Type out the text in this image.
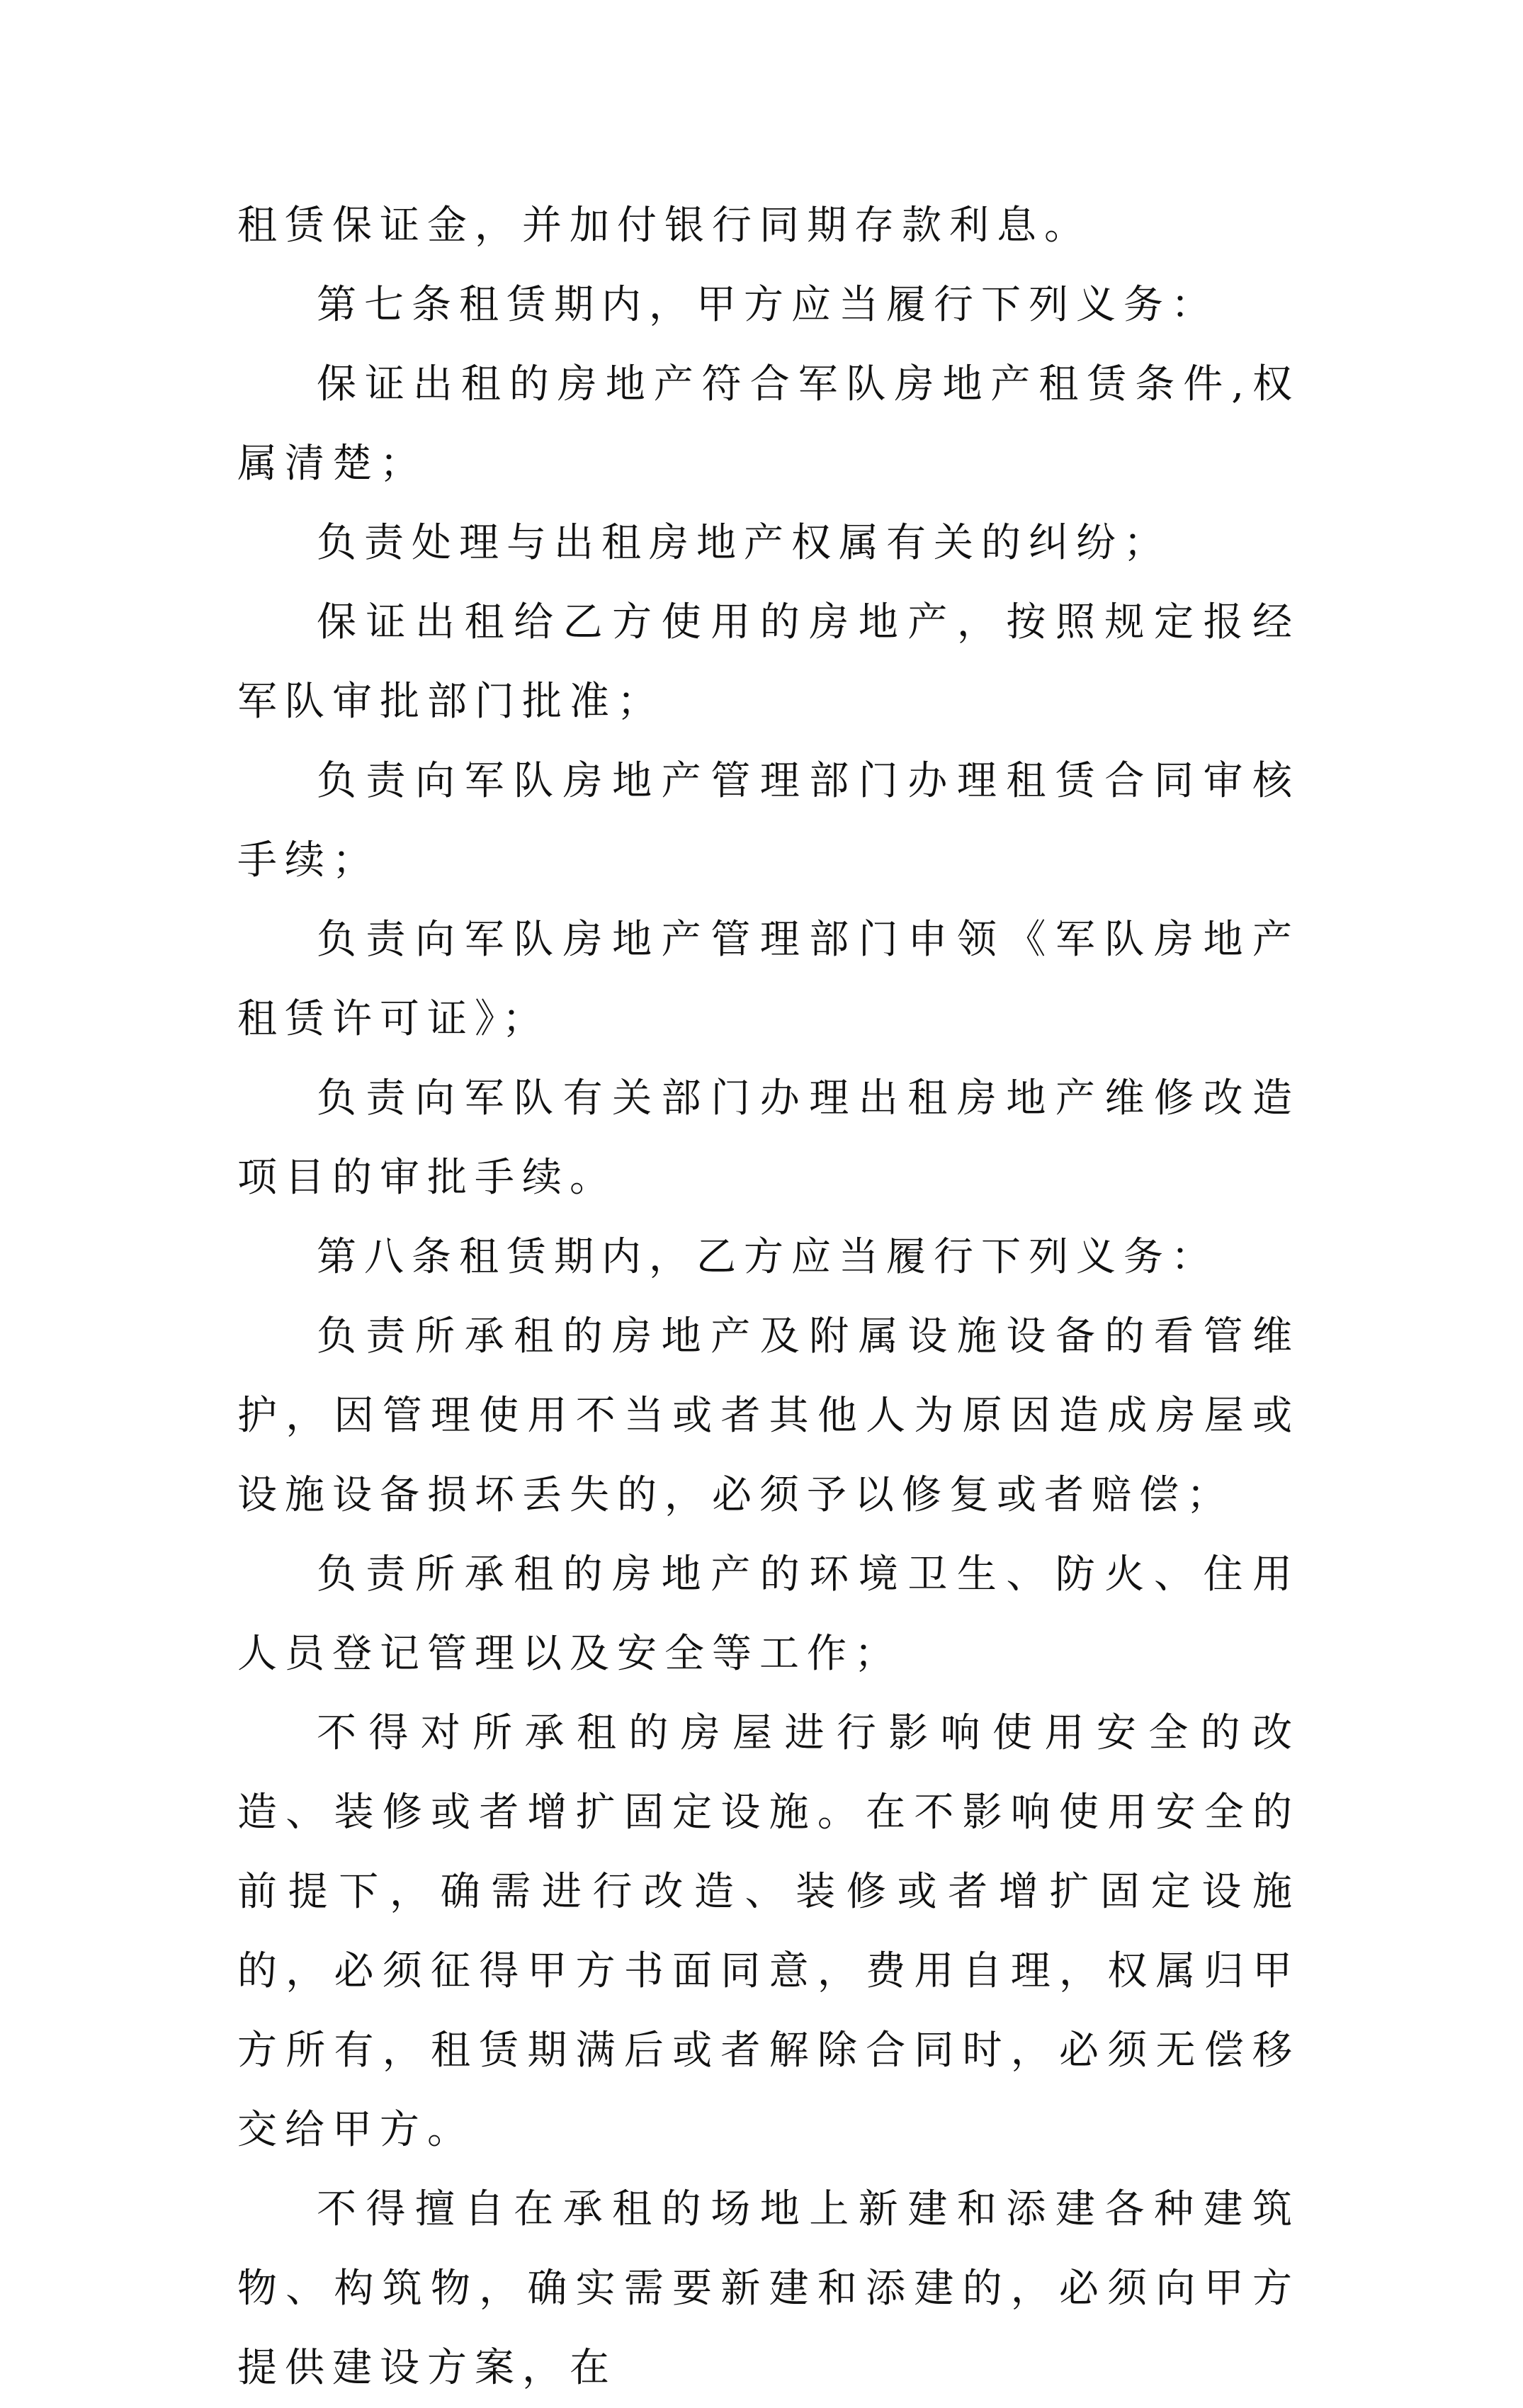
租赁保证金，并加付银行同期存款利息。

第七条租赁期内，甲方应当履行下列义务：

保证出租的房地产符合军队房地产租赁条件,权属清楚；

负责处理与出租房地产权属有关的纠纷；

保证出租给乙方使用的房地产，按照规定报经军队审批部门批准；

负责向军队房地产管理部门办理租赁合同审核手续；

负责向军队房地产管理部门申领《军队房地产租赁许可证》；

负责向军队有关部门办理出租房地产维修改造项目的审批手续。

第八条租赁期内，乙方应当履行下列义务：

负责所承租的房地产及附属设施设备的看管维护，因管理使用不当或者其他人为原因造成房屋或设施设备损坏丢失的，必须予以修复或者赔偿；

负责所承租的房地产的环境卫生、防火、住用人员登记管理以及安全等工作；

不得对所承租的房屋进行影响使用安全的改造、装修或者增扩固定设施。在不影响使用安全的前提下，确需进行改造、装修或者增扩固定设施的，必须征得甲方书面同意，费用自理，权属归甲方所有，租赁期满后或者解除合同时，必须无偿移交给甲方。

不得擅自在承租的场地上新建和添建各种建筑物、构筑物，确实需要新建和添建的，必须向甲方提供建设方案，在
